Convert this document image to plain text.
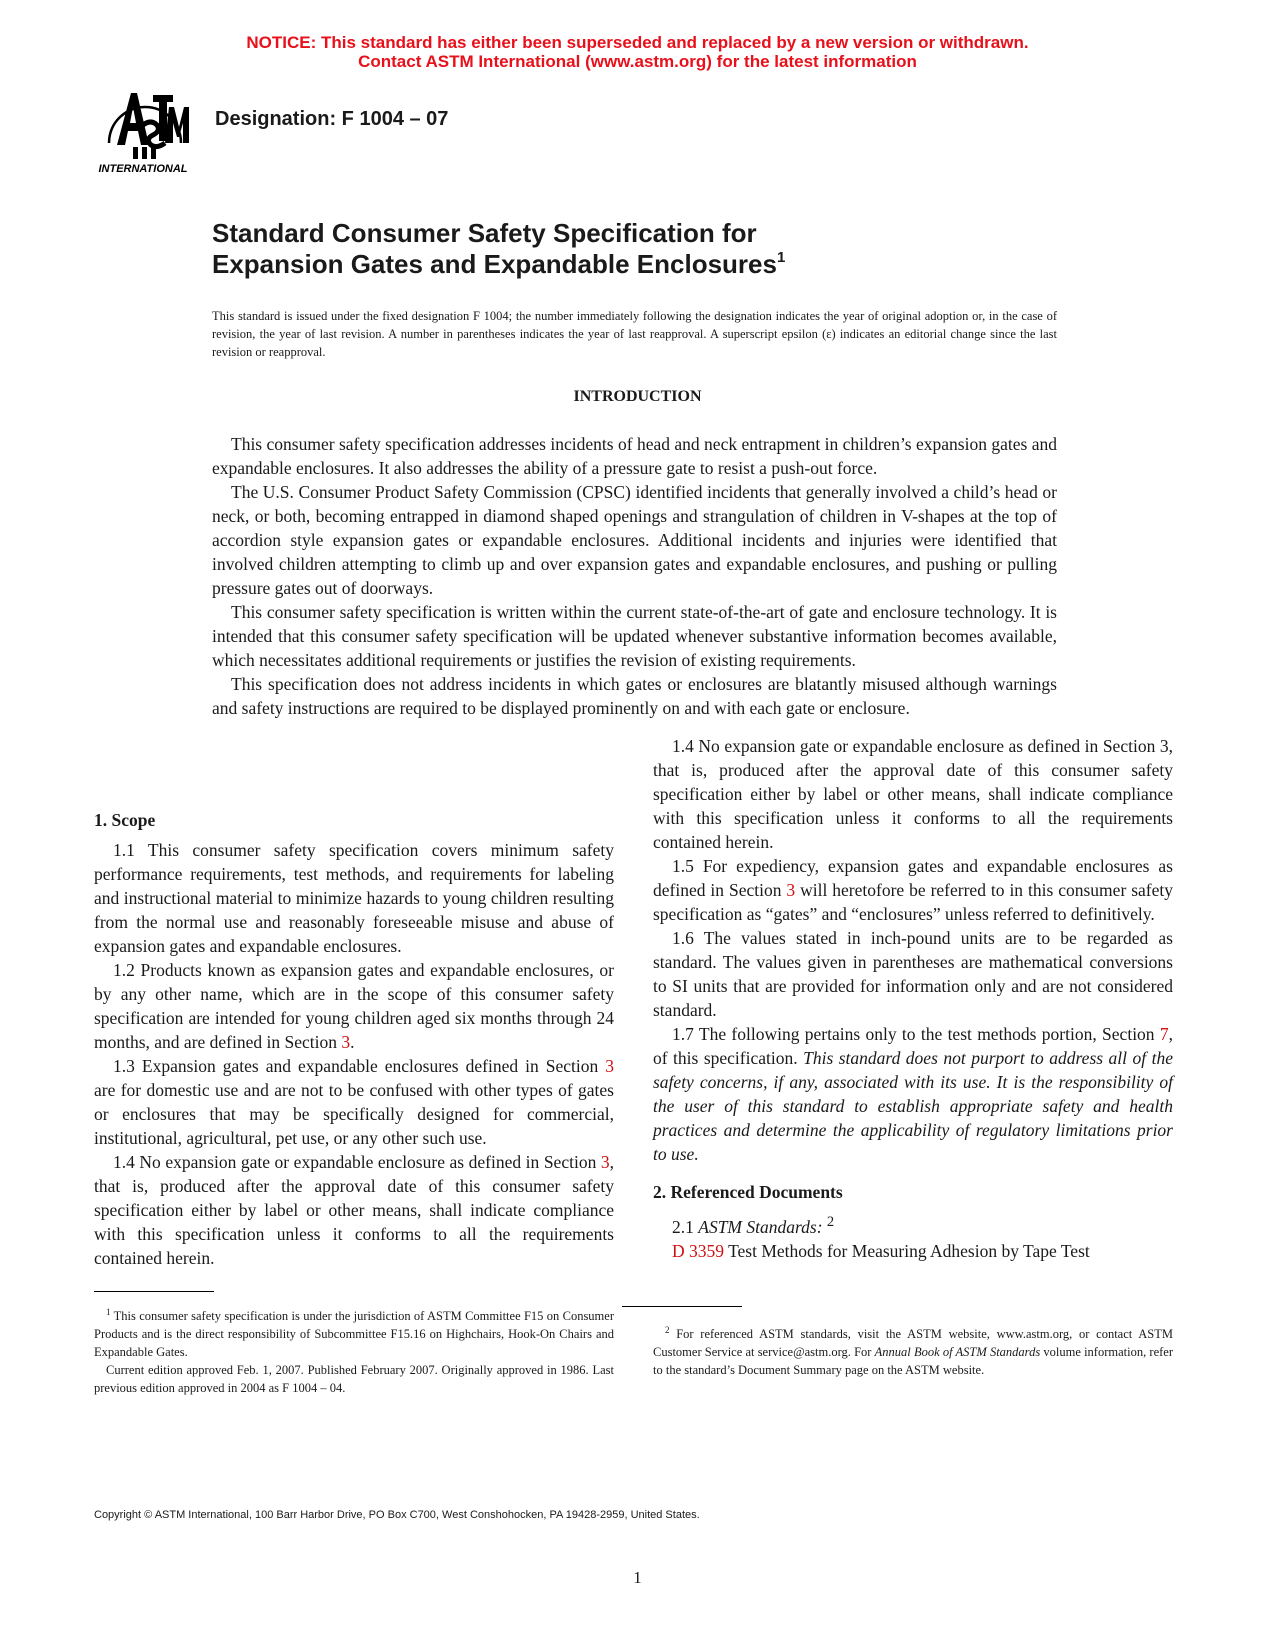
NOTICE: This standard has either been superseded and replaced by a new version or withdrawn.
Contact ASTM International (www.astm.org) for the latest information
INTERNATIONAL
Designation: F 1004 – 07
Standard Consumer Safety Specification for
Expansion Gates and Expandable Enclosures$^1$
This standard is issued under the fixed designation F 1004; the number immediately following the designation indicates the year of original adoption or, in the case of revision, the year of last revision. A number in parentheses indicates the year of last reapproval. A superscript epsilon (ε) indicates an editorial change since the last revision or reapproval.
INTRODUCTION

This consumer safety specification addresses incidents of head and neck entrapment in children’s expansion gates and expandable enclosures. It also addresses the ability of a pressure gate to resist a push-out force.

The U.S. Consumer Product Safety Commission (CPSC) identified incidents that generally involved a child’s head or neck, or both, becoming entrapped in diamond shaped openings and strangulation of children in V-shapes at the top of accordion style expansion gates or expandable enclosures. Additional incidents and injuries were identified that involved children attempting to climb up and over expansion gates and expandable enclosures, and pushing or pulling pressure gates out of doorways.

This consumer safety specification is written within the current state-of-the-art of gate and enclosure technology. It is intended that this consumer safety specification will be updated whenever substantive information becomes available, which necessitates additional requirements or justifies the revision of existing requirements.

This specification does not address incidents in which gates or enclosures are blatantly misused although warnings and safety instructions are required to be displayed prominently on and with each gate or enclosure.

1. Scope

1.1 This consumer safety specification covers minimum safety performance requirements, test methods, and requirements for labeling and instructional material to minimize hazards to young children resulting from the normal use and reasonably foreseeable misuse and abuse of expansion gates and expandable enclosures.

1.2 Products known as expansion gates and expandable enclosures, or by any other name, which are in the scope of this consumer safety specification are intended for young children aged six months through 24 months, and are defined in Section 3.

1.3 Expansion gates and expandable enclosures defined in Section 3 are for domestic use and are not to be confused with other types of gates or enclosures that may be specifically designed for commercial, institutional, agricultural, pet use, or any other such use.

1.4 No expansion gate or expandable enclosure as defined in Section 3, that is, produced after the approval date of this consumer safety specification either by label or other means, shall indicate compliance with this specification unless it conforms to all the requirements contained herein.

1.4 No expansion gate or expandable enclosure as defined in Section 3, that is, produced after the approval date of this consumer safety specification either by label or other means, shall indicate compliance with this specification unless it conforms to all the requirements contained herein.

1.5 For expediency, expansion gates and expandable enclosures as defined in Section 3 will heretofore be referred to in this consumer safety specification as “gates” and “enclosures” unless referred to definitively.

1.6 The values stated in inch-pound units are to be regarded as standard. The values given in parentheses are mathematical conversions to SI units that are provided for information only and are not considered standard.

1.7 The following pertains only to the test methods portion, Section 7, of this specification. This standard does not purport to address all of the safety concerns, if any, associated with its use. It is the responsibility of the user of this standard to establish appropriate safety and health practices and determine the applicability of regulatory limitations prior to use.

2. Referenced Documents

2.1 ASTM Standards: $^2$

D 3359 Test Methods for Measuring Adhesion by Tape Test

$^1$ This consumer safety specification is under the jurisdiction of ASTM Committee F15 on Consumer Products and is the direct responsibility of Subcommittee F15.16 on Highchairs, Hook-On Chairs and Expandable Gates.

Current edition approved Feb. 1, 2007. Published February 2007. Originally approved in 1986. Last previous edition approved in 2004 as F 1004 – 04.

$^2$ For referenced ASTM standards, visit the ASTM website, www.astm.org, or contact ASTM Customer Service at service@astm.org. For Annual Book of ASTM Standards volume information, refer to the standard’s Document Summary page on the ASTM website.

Copyright © ASTM International, 100 Barr Harbor Drive, PO Box C700, West Conshohocken, PA 19428-2959, United States.
1
